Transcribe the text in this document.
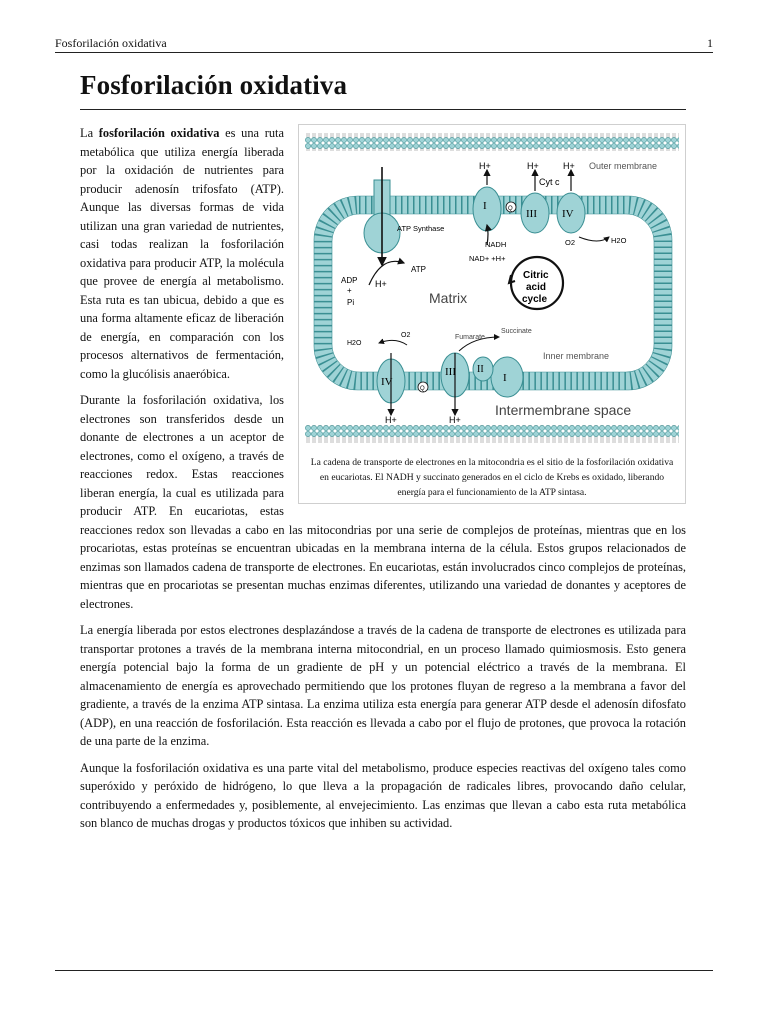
Fosforilación oxidativa	1
Fosforilación oxidativa
Outer membrane
Inner membrane
Intermembrane space
Matrix
ATP Synthase
ATP
ADP
+
Pi
H+
H+	H+	H+
Cyt c
I
III IV
Q
NADH
NAD+ +H+
Citric
acid
cycle
O2	H2O
O2
H2O
Fumarate
Succinate
I
II
III
IV
Q
H+	H+
La cadena de transporte de electrones en la mitocondria es el sitio de la fosforilación oxidativa en eucariotas. El NADH y succinato generados en el ciclo de Krebs es oxidado, liberando energía para el funcionamiento de la ATP sintasa.

La fosforilación oxidativa es una ruta metabólica que utiliza energía liberada por la oxidación de nutrientes para producir adenosín trifosfato (ATP). Aunque las diversas formas de vida utilizan una gran variedad de nutrientes, casi todas realizan la fosforilación oxidativa para producir ATP, la molécula que provee de energía al metabolismo. Esta ruta es tan ubicua, debido a que es una forma altamente eficaz de liberación de energía, en comparación con los procesos alternativos de fermentación, como la glucólisis anaeróbica.

Durante la fosforilación oxidativa, los electrones son transferidos desde un donante de electrones a un aceptor de electrones, como el oxígeno, a través de reacciones redox. Estas reacciones liberan energía, la cual es utilizada para producir ATP. En eucariotas, estas reacciones redox son llevadas a cabo en las mitocondrias por una serie de complejos de proteínas, mientras que en los procariotas, estas proteínas se encuentran ubicadas en la membrana interna de la célula. Estos grupos relacionados de enzimas son llamados cadena de transporte de electrones. En eucariotas, están involucrados cinco complejos de proteínas, mientras que en procariotas se presentan muchas enzimas diferentes, utilizando una variedad de donantes y aceptores de electrones.

La energía liberada por estos electrones desplazándose a través de la cadena de transporte de electrones es utilizada para transportar protones a través de la membrana interna mitocondrial, en un proceso llamado quimiosmosis. Esto genera energía potencial bajo la forma de un gradiente de pH y un potencial eléctrico a través de la membrana. El almacenamiento de energía es aprovechado permitiendo que los protones fluyan de regreso a la membrana a favor del gradiente, a través de la enzima ATP sintasa. La enzima utiliza esta energía para generar ATP desde el adenosín difosfato (ADP), en una reacción de fosforilación. Esta reacción es llevada a cabo por el flujo de protones, que provoca la rotación de una parte de la enzima.

Aunque la fosforilación oxidativa es una parte vital del metabolismo, produce especies reactivas del oxígeno tales como superóxido y peróxido de hidrógeno, lo que lleva a la propagación de radicales libres, provocando daño celular, contribuyendo a enfermedades y, posiblemente, al envejecimiento. Las enzimas que llevan a cabo esta ruta metabólica son blanco de muchas drogas y productos tóxicos que inhiben su actividad.
